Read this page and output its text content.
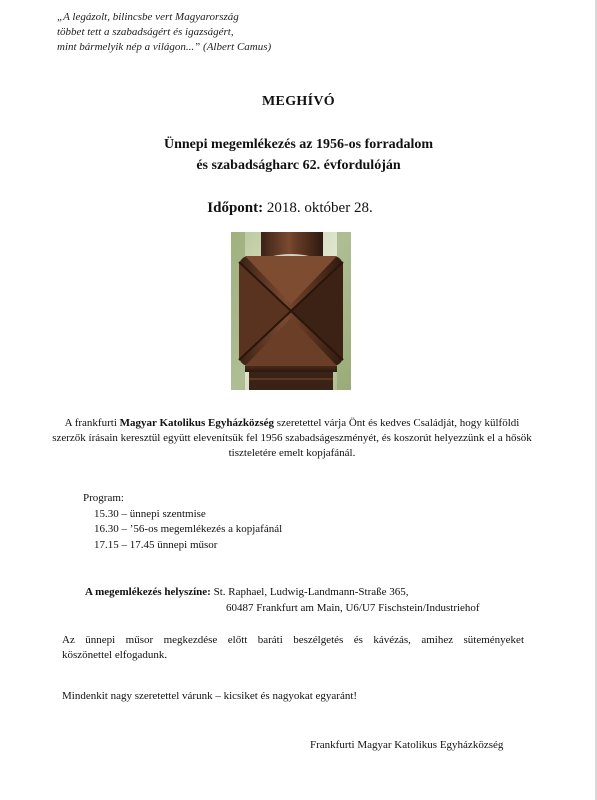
„A legázolt, bilincsbe vert Magyarország
többet tett a szabadságért és igazságért,
mint bármelyik nép a világon...” (Albert Camus)
MEGHÍVÓ
Ünnepi megemlékezés az 1956-os forradalom
és szabadságharc 62. évfordulóján
Időpont: 2018. október 28.
A frankfurti Magyar Katolikus Egyházközség szeretettel várja Önt és kedves Családját, hogy külföldi szerzők írásain keresztül együtt elevenítsük fel 1956 szabadságeszményét, és koszorút helyezzünk el a hősök tiszteletére emelt kopjafánál.
Program:
15.30 – ünnepi szentmise
16.30 – ’56-os megemlékezés a kopjafánál
17.15 – 17.45 ünnepi műsor
A megemlékezés helyszíne: St. Raphael, Ludwig-Landmann-Straße 365,
60487 Frankfurt am Main, U6/U7 Fischstein/Industriehof
Az ünnepi műsor megkezdése előtt baráti beszélgetés és kávézás, amihez süteményeket
köszönettel elfogadunk.
Mindenkit nagy szeretettel várunk – kicsiket és nagyokat egyaránt!
Frankfurti Magyar Katolikus Egyházközség
